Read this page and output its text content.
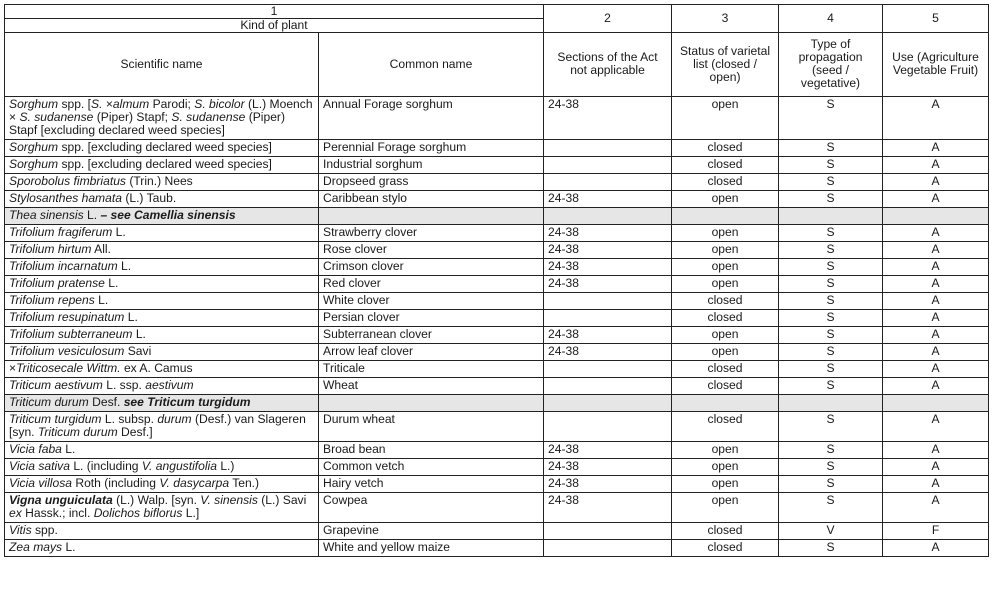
1		2	3	4	5
Kind of plant					
Scientific name	Common name	Sections of the Act not applicable	Status of varietal list (closed / open)	Type of propagation (seed / vegetative)	Use (Agriculture Vegetable Fruit)
Sorghum spp. [S. ×almum Parodi; S. bicolor (L.) Moench × S. sudanense (Piper) Stapf; S. sudanense (Piper) Stapf [excluding declared weed species]	Annual Forage sorghum	24-38	open	S	A
Sorghum spp. [excluding declared weed species]	Perennial Forage sorghum		closed	S	A
Sorghum spp. [excluding declared weed species]	Industrial sorghum		closed	S	A
Sporobolus fimbriatus (Trin.) Nees	Dropseed grass		closed	S	A
Stylosanthes hamata (L.) Taub.	Caribbean stylo	24-38	open	S	A
Thea sinensis L. – see Camellia sinensis					
Trifolium fragiferum L.	Strawberry clover	24-38	open	S	A
Trifolium hirtum All.	Rose clover	24-38	open	S	A
Trifolium incarnatum L.	Crimson clover	24-38	open	S	A
Trifolium pratense L.	Red clover	24-38	open	S	A
Trifolium repens L.	White clover		closed	S	A
Trifolium resupinatum L.	Persian clover		closed	S	A
Trifolium subterraneum L.	Subterranean clover	24-38	open	S	A
Trifolium vesiculosum Savi	Arrow leaf clover	24-38	open	S	A
×Triticosecale Wittm. ex A. Camus	Triticale		closed	S	A
Triticum aestivum L. ssp. aestivum	Wheat		closed	S	A
Triticum durum Desf. see Triticum turgidum					
Triticum turgidum L. subsp. durum (Desf.) van Slageren [syn. Triticum durum Desf.]	Durum wheat		closed	S	A
Vicia faba L.	Broad bean	24-38	open	S	A
Vicia sativa L. (including V. angustifolia L.)	Common vetch	24-38	open	S	A
Vicia villosa Roth (including V. dasycarpa Ten.)	Hairy vetch	24-38	open	S	A
Vigna unguiculata (L.) Walp. [syn. V. sinensis (L.) Savi ex Hassk.; incl. Dolichos biflorus L.]	Cowpea	24-38	open	S	A
Vitis spp.	Grapevine		closed	V	F
Zea mays L.	White and yellow maize		closed	S	A
